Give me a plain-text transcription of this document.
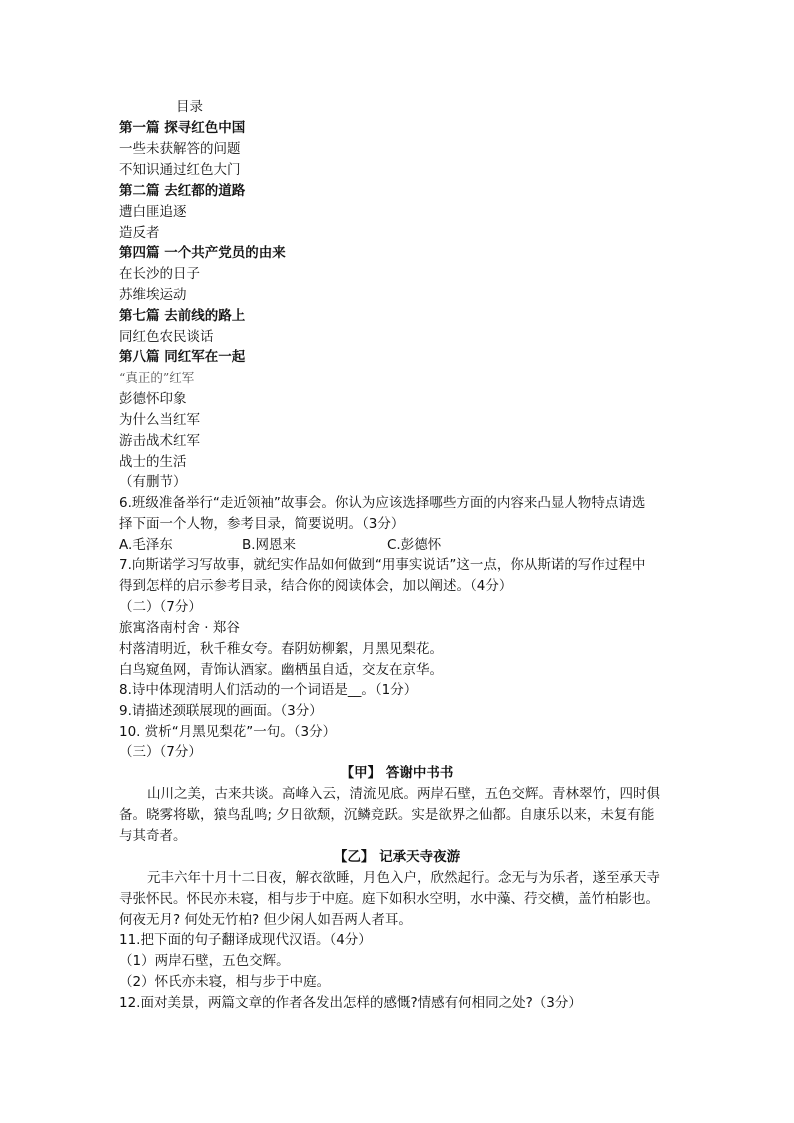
目录
第一篇 探寻红色中国
一些未获解答的问题
不知识通过红色大门
第二篇 去红都的道路
遭白匪追逐
造反者
第四篇 一个共产党员的由来
在长沙的日子
苏维埃运动
第七篇 去前线的路上
同红色农民谈话
第八篇 同红军在一起
“真正的”红军
彭德怀印象
为什么当红军
游击战术红军
战士的生活
（有删节）
6.班级准备举行“走近领袖”故事会。你认为应该选择哪些方面的内容来凸显人物特点请选
择下面一个人物，参考目录，简要说明。（3分）
A.毛泽东	B.网恩来	C.彭德怀
7.向斯诺学习写故事，就纪实作品如何做到“用事实说话”这一点，你从斯诺的写作过程中
得到怎样的启示参考目录，结合你的阅读体会，加以阐述。（4分）
（二）（7分）
旅寓洛南村舍 · 郑谷
村落清明近，秋千稚女夸。春阴妨柳絮，月黑见梨花。
白鸟窥鱼网，青饰认酒家。幽栖虽自适，交友在京华。
8.诗中体现清明人们活动的一个词语是__。（1分）
9.请描述颈联展现的画面。（3分）
10. 赏析“月黑见梨花”一句。（3分）
（三）（7分）
【甲】 答谢中书书
山川之美，古来共谈。高峰入云，清流见底。两岸石壁，五色交辉。青林翠竹，四时俱
备。晓雾将歇，猿鸟乱鸣; 夕日欲颓，沉鳞竞跃。实是欲界之仙都。自康乐以来，未复有能
与其奇者。
【乙】 记承天寺夜游
元丰六年十月十二日夜，解衣欲睡，月色入户，欣然起行。念无与为乐者，遂至承天寺
寻张怀民。怀民亦未寝，相与步于中庭。庭下如积水空明，水中藻、荇交横，盖竹柏影也。
何夜无月? 何处无竹柏? 但少闲人如吾两人者耳。
11.把下面的句子翻译成现代汉语。（4分）
（1）两岸石壁，五色交辉。
（2）怀氏亦未寝，相与步于中庭。
12.面对美景，两篇文章的作者各发出怎样的感慨?情感有何相同之处?（3分）
